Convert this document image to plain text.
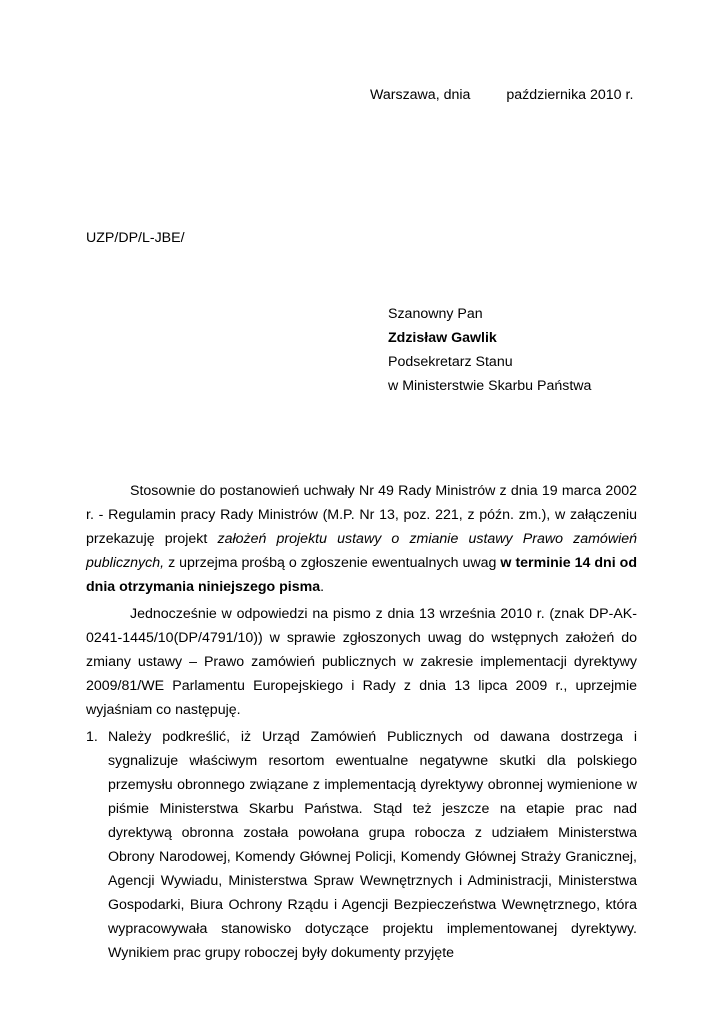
Warszawa, dnia	października 2010 r.
UZP/DP/L-JBE/
Szanowny Pan
Zdzisław Gawlik
Podsekretarz Stanu
w Ministerstwie Skarbu Państwa
Stosownie do postanowień uchwały Nr 49 Rady Ministrów z dnia 19 marca 2002 r. - Regulamin pracy Rady Ministrów (M.P. Nr 13, poz. 221, z późn. zm.), w załączeniu przekazuję projekt założeń projektu ustawy o zmianie ustawy Prawo zamówień publicznych, z uprzejma prośbą o zgłoszenie ewentualnych uwag w terminie 14 dni od dnia otrzymania niniejszego pisma.
Jednocześnie w odpowiedzi na pismo z dnia 13 września 2010 r. (znak DP-AK-0241-1445/10(DP/4791/10)) w sprawie zgłoszonych uwag do wstępnych założeń do zmiany ustawy – Prawo zamówień publicznych w zakresie implementacji dyrektywy 2009/81/WE Parlamentu Europejskiego i Rady z dnia 13 lipca 2009 r., uprzejmie wyjaśniam co następuję.
1. Należy podkreślić, iż Urząd Zamówień Publicznych od dawana dostrzega i sygnalizuje właściwym resortom ewentualne negatywne skutki dla polskiego przemysłu obronnego związane z implementacją dyrektywy obronnej wymienione w piśmie Ministerstwa Skarbu Państwa. Stąd też jeszcze na etapie prac nad dyrektywą obronna została powołana grupa robocza z udziałem Ministerstwa Obrony Narodowej, Komendy Głównej Policji, Komendy Głównej Straży Granicznej, Agencji Wywiadu, Ministerstwa Spraw Wewnętrznych i Administracji, Ministerstwa Gospodarki, Biura Ochrony Rządu i Agencji Bezpieczeństwa Wewnętrznego, która wypracowywała stanowisko dotyczące projektu implementowanej dyrektywy. Wynikiem prac grupy roboczej były dokumenty przyjęte
